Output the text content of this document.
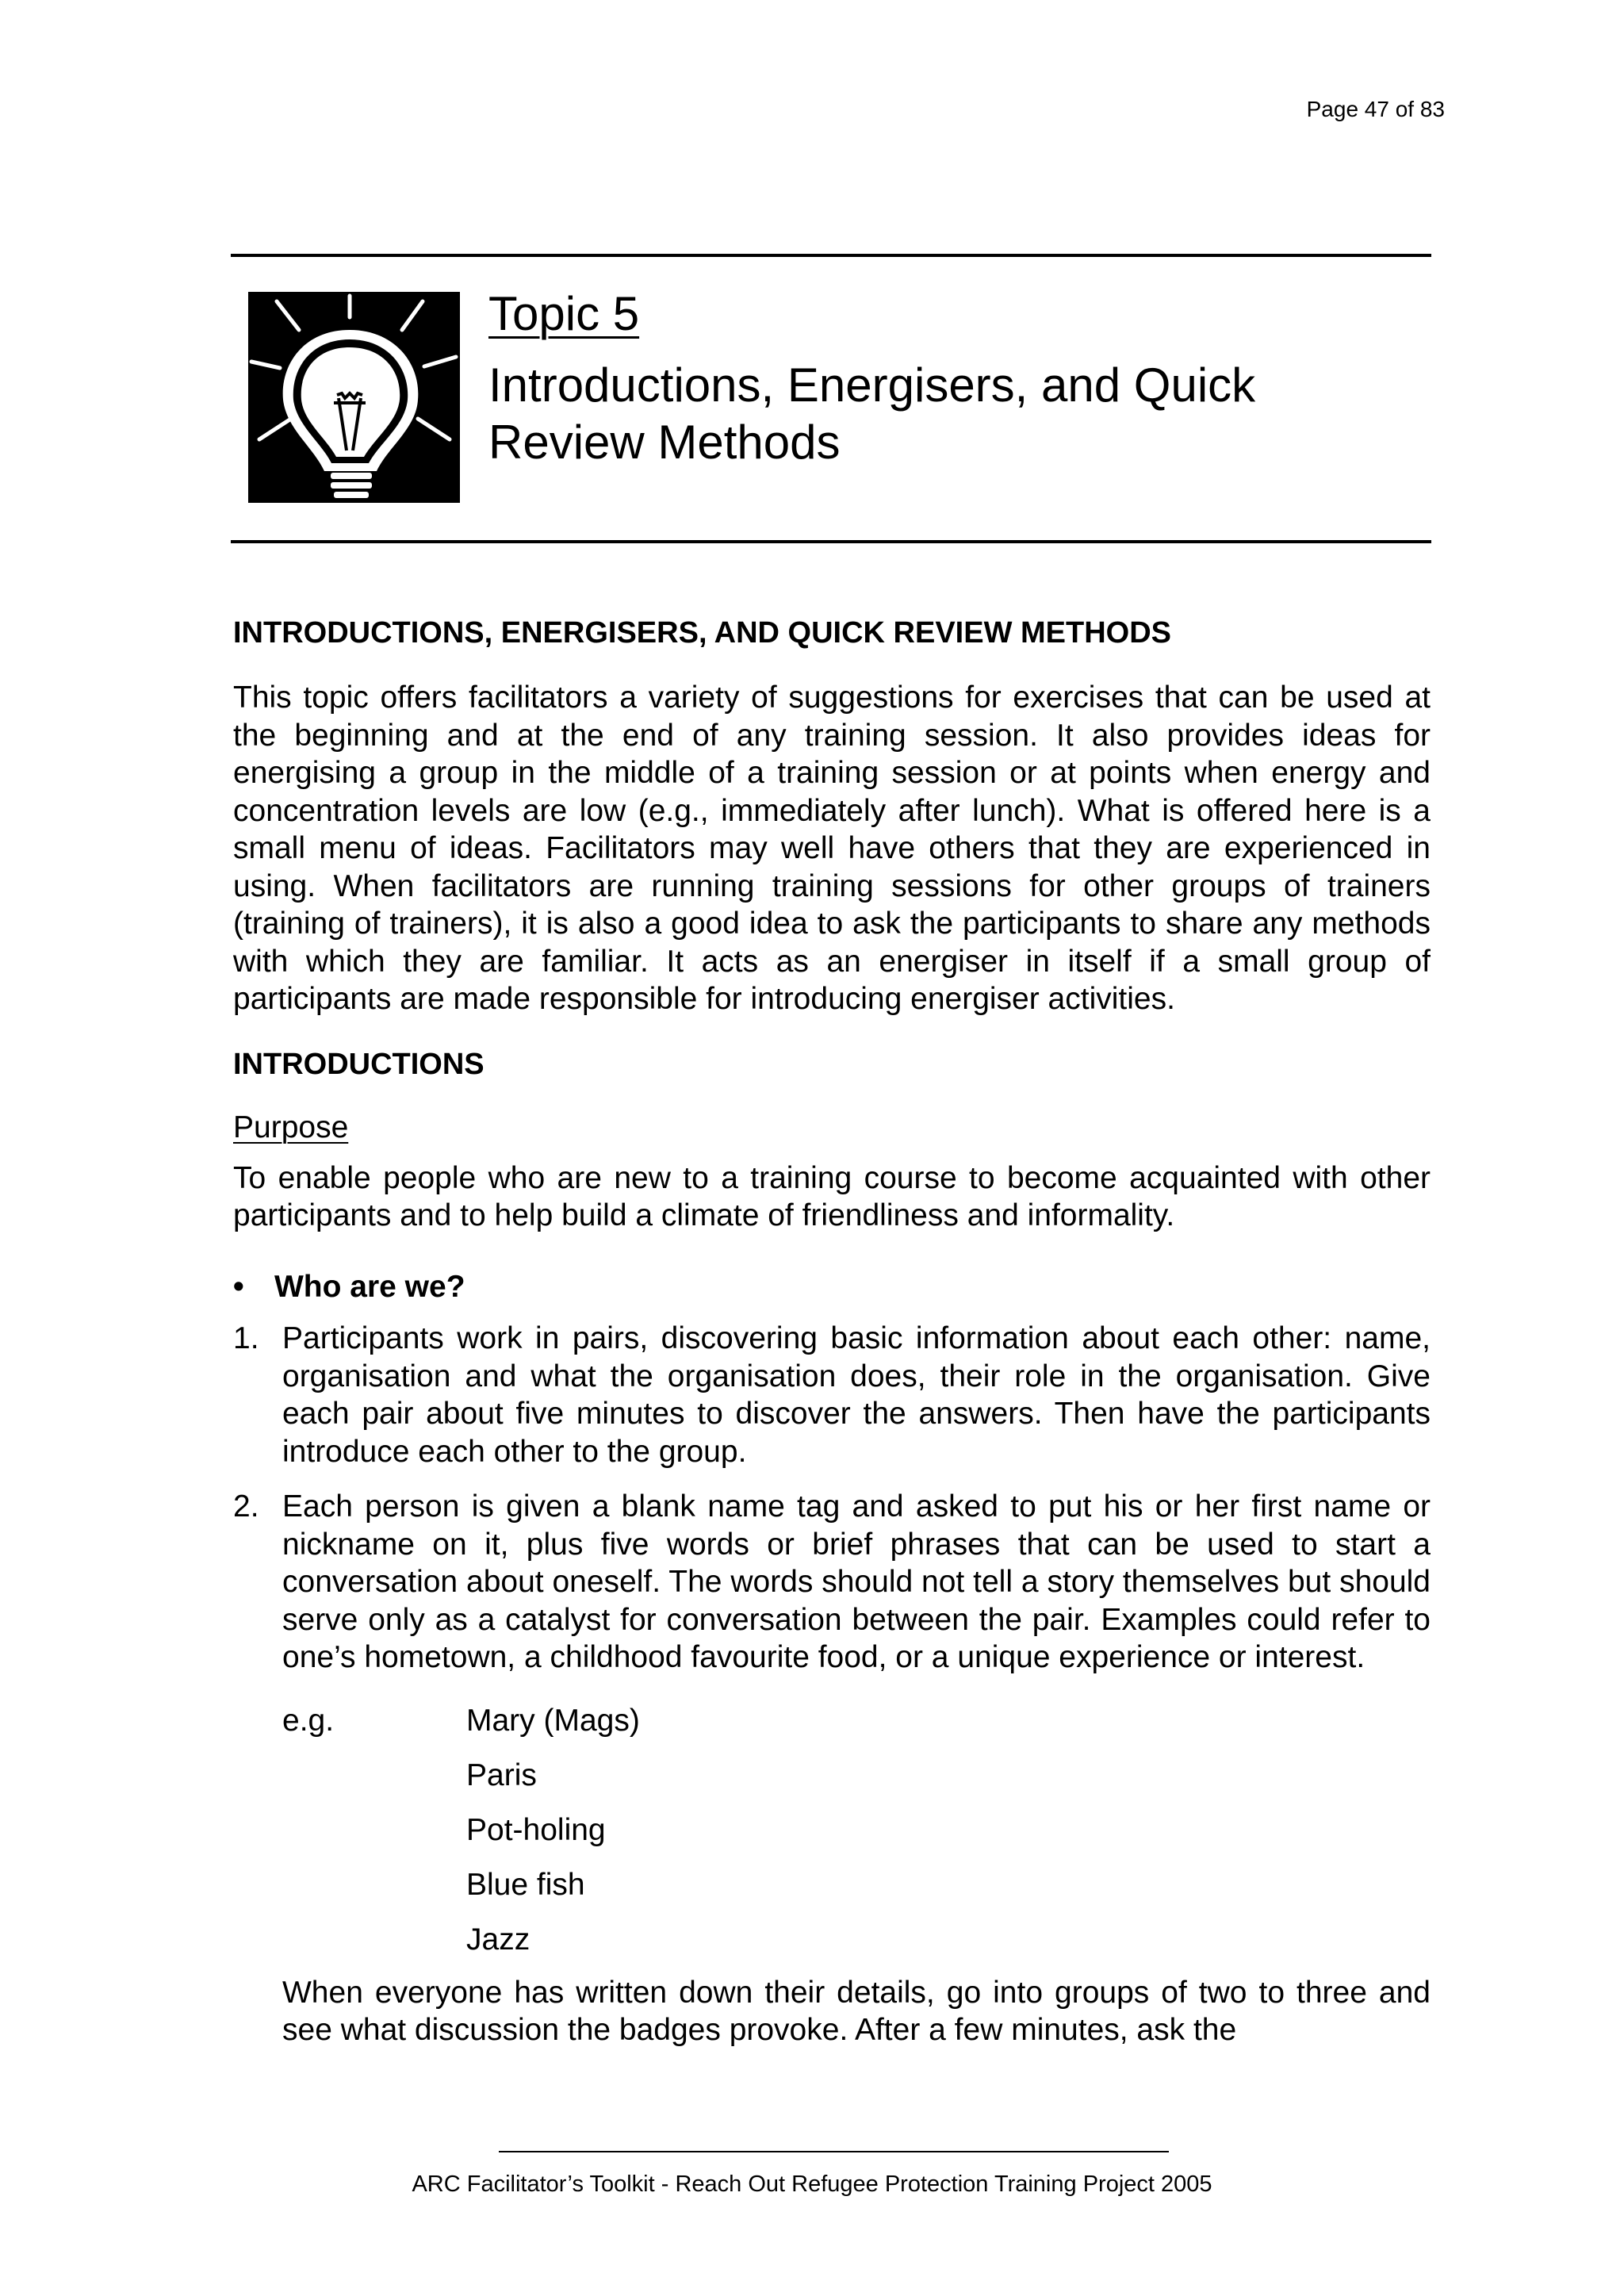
Page 47 of 83
Topic 5
Introductions, Energisers, and Quick
Review Methods
INTRODUCTIONS, ENERGISERS, AND QUICK REVIEW METHODS

This topic offers facilitators a variety of suggestions for exercises that can be used at the beginning and at the end of any training session. It also provides ideas for energising a group in the middle of a training session or at points when energy and concentration levels are low (e.g., immediately after lunch). What is offered here is a small menu of ideas. Facilitators may well have others that they are experienced in using. When facilitators are running training sessions for other groups of trainers (training of trainers), it is also a good idea to ask the participants to share any methods with which they are familiar. It acts as an energiser in itself if a small group of participants are made responsible for introducing energiser activities.

INTRODUCTIONS
Purpose

To enable people who are new to a training course to become acquainted with other participants and to help build a climate of friendliness and informality.

• Who are we?
1. Participants work in pairs, discovering basic information about each other: name, organisation and what the organisation does, their role in the organisation. Give each pair about five minutes to discover the answers. Then have the participants introduce each other to the group.
2. Each person is given a blank name tag and asked to put his or her first name or nickname on it, plus five words or brief phrases that can be used to start a conversation about oneself. The words should not tell a story themselves but should serve only as a catalyst for conversation between the pair. Examples could refer to one’s hometown, a childhood favourite food, or a unique experience or interest.
e.g.	Mary (Mags)
Paris
Pot-holing
Blue fish
Jazz

When everyone has written down their details, go into groups of two to three and see what discussion the badges provoke. After a few minutes, ask the

ARC Facilitator’s Toolkit - Reach Out Refugee Protection Training Project 2005
